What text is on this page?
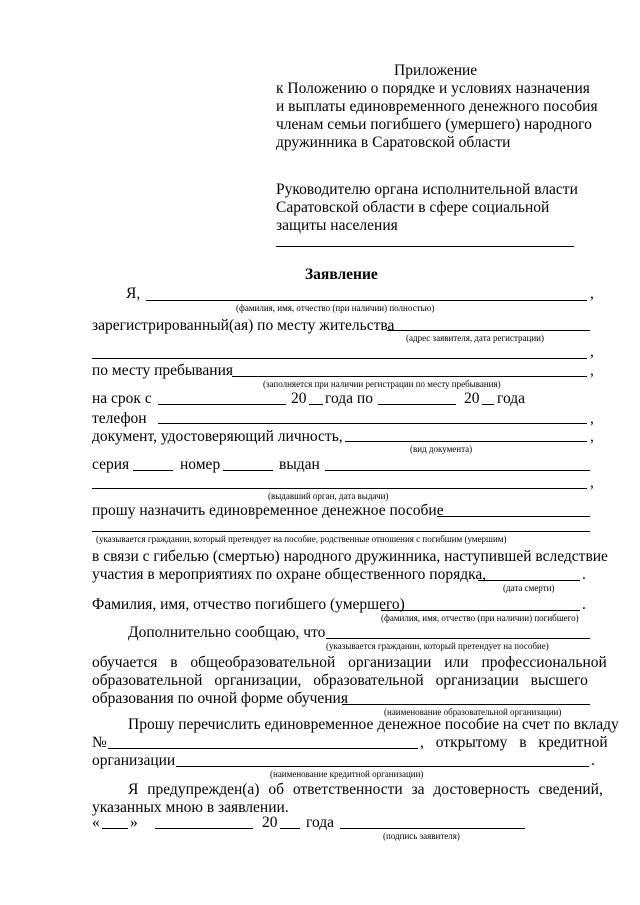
Приложение
к Положению о порядке и условиях назначения
и выплаты единовременного денежного пособия
членам семьи погибшего (умершего) народного
дружинника в Саратовской области
Руководителю органа исполнительной власти
Саратовской области в сфере социальной
защиты населения
Заявление
Я,	,
(фамилия, имя, отчество (при наличии) полностью)
зарегистрированный(ая) по месту жительства
(адрес заявителя, дата регистрации)
,
по месту пребывания	,
(заполняется при наличии регистрации по месту пребывания)
на срок с	20 года по	20 года
телефон	,
документ, удостоверяющий личность,	,
(вид документа)
серия	номер	выдан
,
(выдавший орган, дата выдачи)
прошу назначить единовременное денежное пособие
(указывается гражданин, который претендует на пособие, родственные отношения с погибшим (умершим)
в связи с гибелью (смертью) народного дружинника, наступившей вследствие
участия в мероприятиях по охране общественного порядка,	.
(дата смерти)
Фамилия, имя, отчество погибшего (умершего)	.
(фамилия, имя, отчество (при наличии) погибшего)
Дополнительно сообщаю, что
(указывается гражданин, который претендует на пособие)
обучается в общеобразовательной организации или профессиональной
образовательной организации, образовательной организации высшего
образования по очной форме обучения
(наименование образовательной организации)
Прошу перечислить единовременное денежное пособие на счет по вкладу
№	, открытому в кредитной
организации	.
(наименование кредитной организации)
Я предупрежден(а) об ответственности за достоверность сведений,
указанных мною в заявлении.
« »	20 года
(подпись заявителя)
